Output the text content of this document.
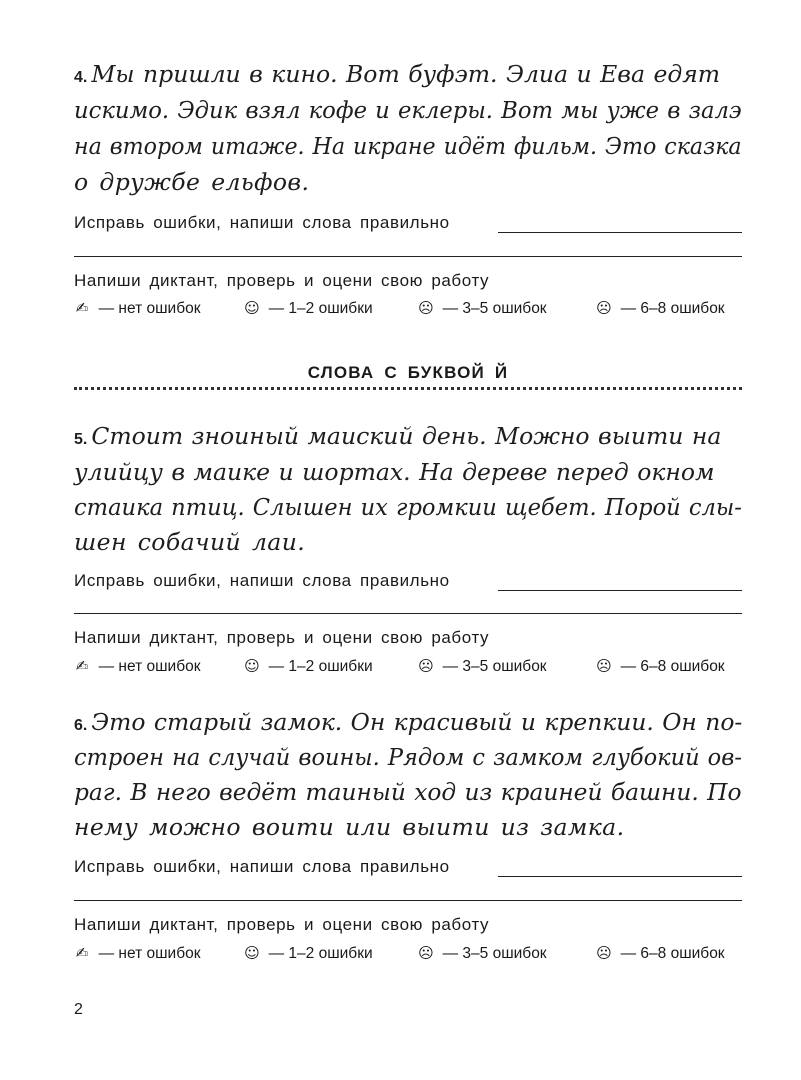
4. Мы пришли в кино. Вот буфэт. Элиа и Ева едят
искимо. Эдик взял кофе и еклеры. Вот мы уже в залэ
на втором итаже. На икране идёт фильм. Это сказка
о дружбе ельфов.
Исправь ошибки, напиши слова правильно
Напиши диктант, проверь и оцени свою работу
✍ — нет ошибок	☺ — 1–2 ошибки	☹ — 3–5 ошибок	☹ — 6–8 ошибок
СЛОВА С БУКВОЙ Й
5. Стоит зноиный маиский день. Можно выити на
улийцу в маике и шортах. На дереве перед окном
стаика птиц. Слышен их громкии щебет. Порой слы-
шен собачий лаи.
Исправь ошибки, напиши слова правильно
Напиши диктант, проверь и оцени свою работу
✍ — нет ошибок	☺ — 1–2 ошибки	☹ — 3–5 ошибок	☹ — 6–8 ошибок
6. Это старый замок. Он красивый и крепкии. Он по-
строен на случай воины. Рядом с замком глубокий ов-
раг. В него ведёт таиный ход из краиней башни. По
нему можно воити или выити из замка.
Исправь ошибки, напиши слова правильно
Напиши диктант, проверь и оцени свою работу
✍ — нет ошибок	☺ — 1–2 ошибки	☹ — 3–5 ошибок	☹ — 6–8 ошибок
2
